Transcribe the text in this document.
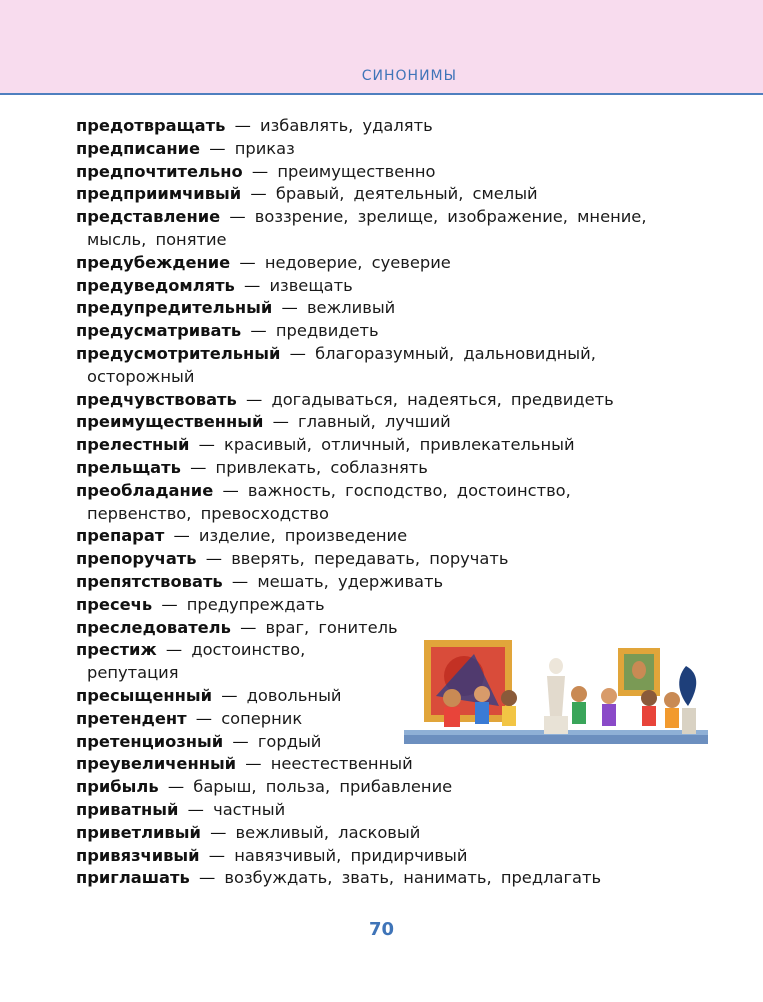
синонимы
предотвращать — избавлять, удалять
предписание — приказ
предпочтительно — преимущественно
предприимчивый — бравый, деятельный, смелый
представление — воззрение, зрелище, изображение, мнение,
мысль, понятие
предубеждение — недоверие, суеверие
предуведомлять — извещать
предупредительный — вежливый
предусматривать — предвидеть
предусмотрительный — благоразумный, дальновидный,
осторожный
предчувствовать — догадываться, надеяться, предвидеть
преимущественный — главный, лучший
прелестный — красивый, отличный, привлекательный
прельщать — привлекать, соблазнять
преобладание — важность, господство, достоинство,
первенство, превосходство
препарат — изделие, произведение
препоручать — вверять, передавать, поручать
препятствовать — мешать, удерживать
пресечь — предупреждать
преследователь — враг, гонитель
престиж — достоинство,
репутация
пресыщенный — довольный
претендент — соперник
претенциозный — гордый
преувеличенный — неестественный
прибыль — барыш, польза, прибавление
приватный — частный
приветливый — вежливый, ласковый
привязчивый — навязчивый, придирчивый
приглашать — возбуждать, звать, нанимать, предлагать
70
